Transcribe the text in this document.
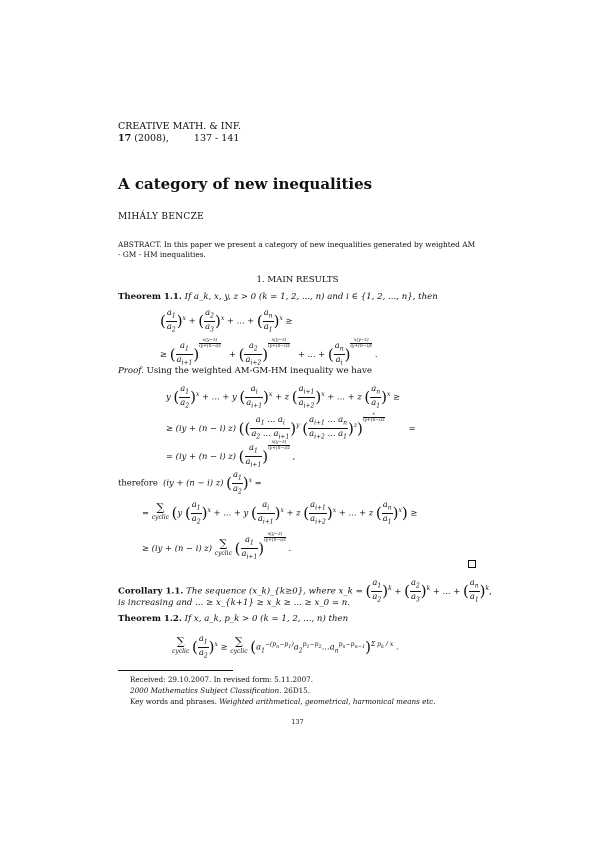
CREATIVE MATH. & INF.
17 (2008),	137 - 141
A category of new inequalities
MIHÁLY BENCZE
ABSTRACT. In this paper we present a category of new inequalities generated by weighted AM - GM - HM inequalities.
1. MAIN RESULTS
Theorem 1.1. If a_k, x, y, z > 0 (k = 1, 2, ..., n) and i ∈ {1, 2, ..., n}, then
( $\frac{a_1}{a_2} )^x$ + ( $\frac{a_2}{a_3} )^x$ + ... + ( $\frac{a_n}{a_1} )^x$ ≥
≥ ( $\frac{a_1}{a_{i+1}}$ )
$\frac{x(y-z)}{iy+(n-i)z}$   + ( $\frac{a_2}{a_{i+2}}$ )
$\frac{x(y-z)}{iy+(n-i)z}$   + ... + ( $\frac{a_n}{a_i}$ )
$\frac{x(y-z)}{iy+(n-i)z}$ .
Proof. Using the weighted AM-GM-HM inequality we have
y ( $\frac{a_1}{a_2} )^x$ + ... + y ( $\frac{a_i}{a_{i+1}} )^x + z$ ( $\frac{a_{i+1}}{a_{i+2}} )^x$ + ... + z ( $\frac{a_n}{a_1} )^x$ ≥
≥ (iy + (n − i) z) (( $\frac{a_1 ... a_i}{a_2 ... a_{i+1}} )^y$ ( $\frac{a_{i+1} ... a_n}{a_{i+2} ... a_1} )^z$)
$\frac{x}{iy+(n-i)z}$         =
= (iy + (n − i) z) ( $\frac{a_1}{a_{i+1}}$ )
$\frac{x(y-z)}{iy+(n-i)z}$ ,
therefore  (iy + (n − i) z) ( $\frac{a_1}{a_2} )^x$ =
= ∑
cyclic (y ( $\frac{a_1}{a_2} )^x$ + ... + y ( $\frac{a_i}{a_{i+1}} )^x + z$ ( $\frac{a_{i+1}}{a_{i+2}} )^x$ + ... + z ( $\frac{a_n}{a_1} )^x$) ≥
≥ (iy + (n − i) z) ∑
cyclic ( $\frac{a_1}{a_{i+1}}$ )
$\frac{x(y-z)}{iy+(n-i)z}$ .
Corollary 1.1. The sequence (x_k)_{k≥0}, where x_k = ( $\frac{a_1}{a_2} )^k$ + ( $\frac{a_2}{a_3} )^k$ + ... + ( $\frac{a_n}{a_1} )^k$,
is increasing and ... ≥ x_{k+1} ≥ x_k ≥ ... ≥ x_0 = n.
Theorem 1.2. If x, a_k, p_k > 0 (k = 1, 2, ..., n) then
∑
cyclic ( $\frac{a_1}{a_2} )^x$ ≥ ∑
cyclic $(a_1^{-(p_n-p_1)}a_2^{p_1-p_2}...a_n^{p_n-p_{n-1}})^{\Sigma p_k / x}$ .
Received: 29.10.2007. In revised form: 5.11.2007.
2000 Mathematics Subject Classification. 26D15.
Key words and phrases. Weighted arithmetical, geometrical, harmonical means etc.
137
